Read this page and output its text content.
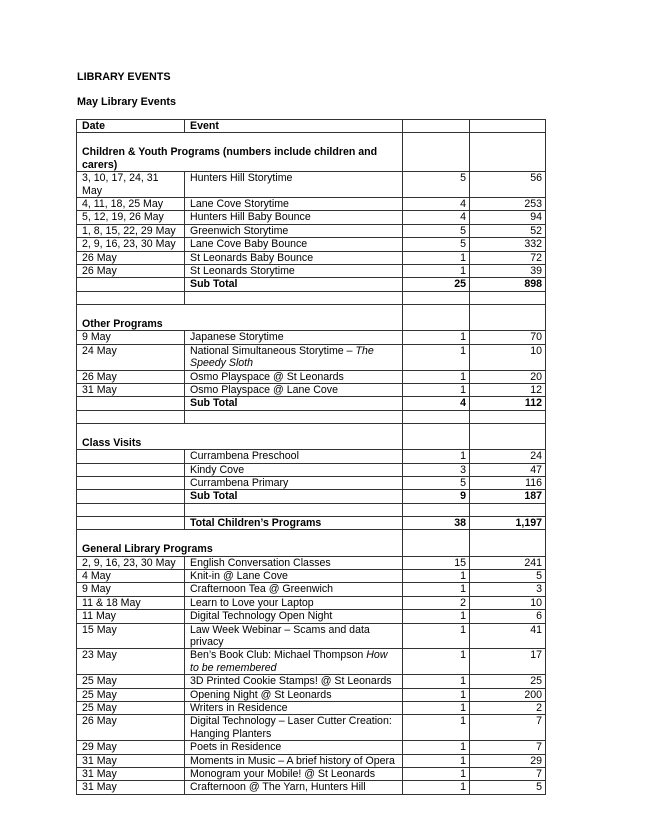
LIBRARY EVENTS
May Library Events
Date	Event		
Children & Youth Programs (numbers include children and carers)			
3, 10, 17, 24, 31 May	Hunters Hill Storytime	5	56
4, 11, 18, 25 May	Lane Cove Storytime	4	253
5, 12, 19, 26 May	Hunters Hill Baby Bounce	4	94
1, 8, 15, 22, 29 May	Greenwich Storytime	5	52
2, 9, 16, 23, 30 May	Lane Cove Baby Bounce	5	332
26 May	St Leonards Baby Bounce	1	72
26 May	St Leonards Storytime	1	39
	Sub Total	25	898

Other Programs			
9 May	Japanese Storytime	1	70
24 May	National Simultaneous Storytime – The Speedy Sloth	1	10
26 May	Osmo Playspace @ St Leonards	1	20
31 May	Osmo Playspace @ Lane Cove	1	12
	Sub Total	4	112

Class Visits			
	Currambena Preschool	1	24
	Kindy Cove	3	47
	Currambena Primary	5	116
	Sub Total	9	187

	Total Children’s Programs	38	1,197
General Library Programs			
2, 9, 16, 23, 30 May	English Conversation Classes	15	241
4 May	Knit-in @ Lane Cove	1	5
9 May	Crafternoon Tea @ Greenwich	1	3
11 & 18 May	Learn to Love your Laptop	2	10
11 May	Digital Technology Open Night	1	6
15 May	Law Week Webinar – Scams and data privacy	1	41
23 May	Ben’s Book Club: Michael Thompson How to be remembered	1	17
25 May	3D Printed Cookie Stamps! @ St Leonards	1	25
25 May	Opening Night @ St Leonards	1	200
25 May	Writers in Residence	1	2
26 May	Digital Technology – Laser Cutter Creation: Hanging Planters	1	7
29 May	Poets in Residence	1	7
31 May	Moments in Music – A brief history of Opera	1	29
31 May	Monogram your Mobile! @ St Leonards	1	7
31 May	Crafternoon @ The Yarn, Hunters Hill	1	5
